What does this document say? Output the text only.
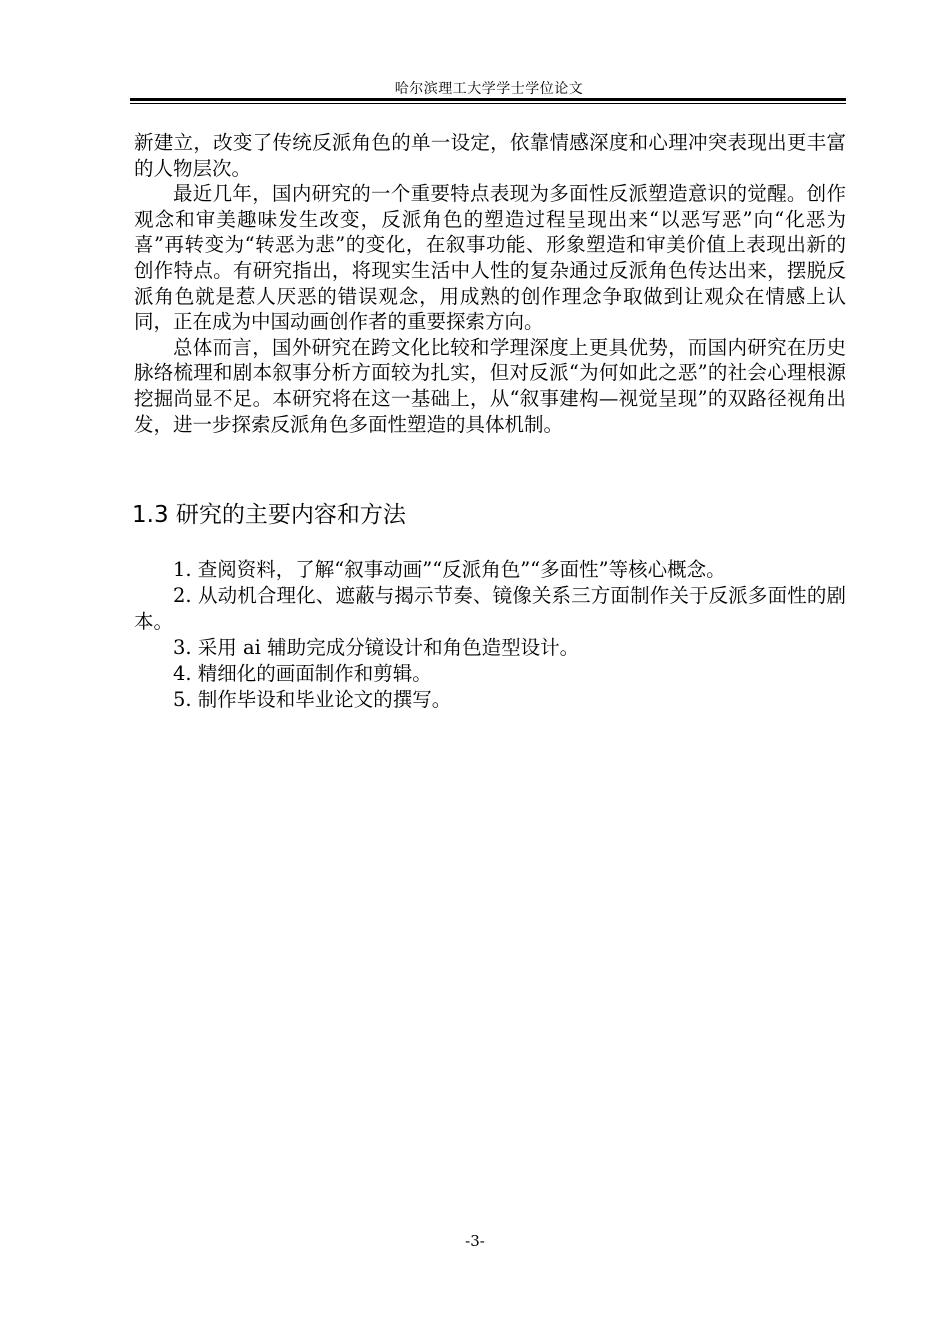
哈尔滨理工大学学士学位论文

新建立，改变了传统反派角色的单一设定，依靠情感深度和心理冲突表现出更丰富的人物层次。

最近几年，国内研究的一个重要特点表现为多面性反派塑造意识的觉醒。创作观念和审美趣味发生改变，反派角色的塑造过程呈现出来“以恶写恶”向“化恶为喜”再转变为“转恶为悲”的变化，在叙事功能、形象塑造和审美价值上表现出新的创作特点。有研究指出，将现实生活中人性的复杂通过反派角色传达出来，摆脱反派角色就是惹人厌恶的错误观念，用成熟的创作理念争取做到让观众在情感上认同，正在成为中国动画创作者的重要探索方向。

总体而言，国外研究在跨文化比较和学理深度上更具优势，而国内研究在历史脉络梳理和剧本叙事分析方面较为扎实，但对反派“为何如此之恶”的社会心理根源挖掘尚显不足。本研究将在这一基础上，从“叙事建构—视觉呈现”的双路径视角出发，进一步探索反派角色多面性塑造的具体机制。

1.3 研究的主要内容和方法

1. 查阅资料，了解“叙事动画”“反派角色”“多面性”等核心概念。

2. 从动机合理化、遮蔽与揭示节奏、镜像关系三方面制作关于反派多面性的剧本。

3. 采用 ai 辅助完成分镜设计和角色造型设计。

4. 精细化的画面制作和剪辑。

5. 制作毕设和毕业论文的撰写。

-3-
